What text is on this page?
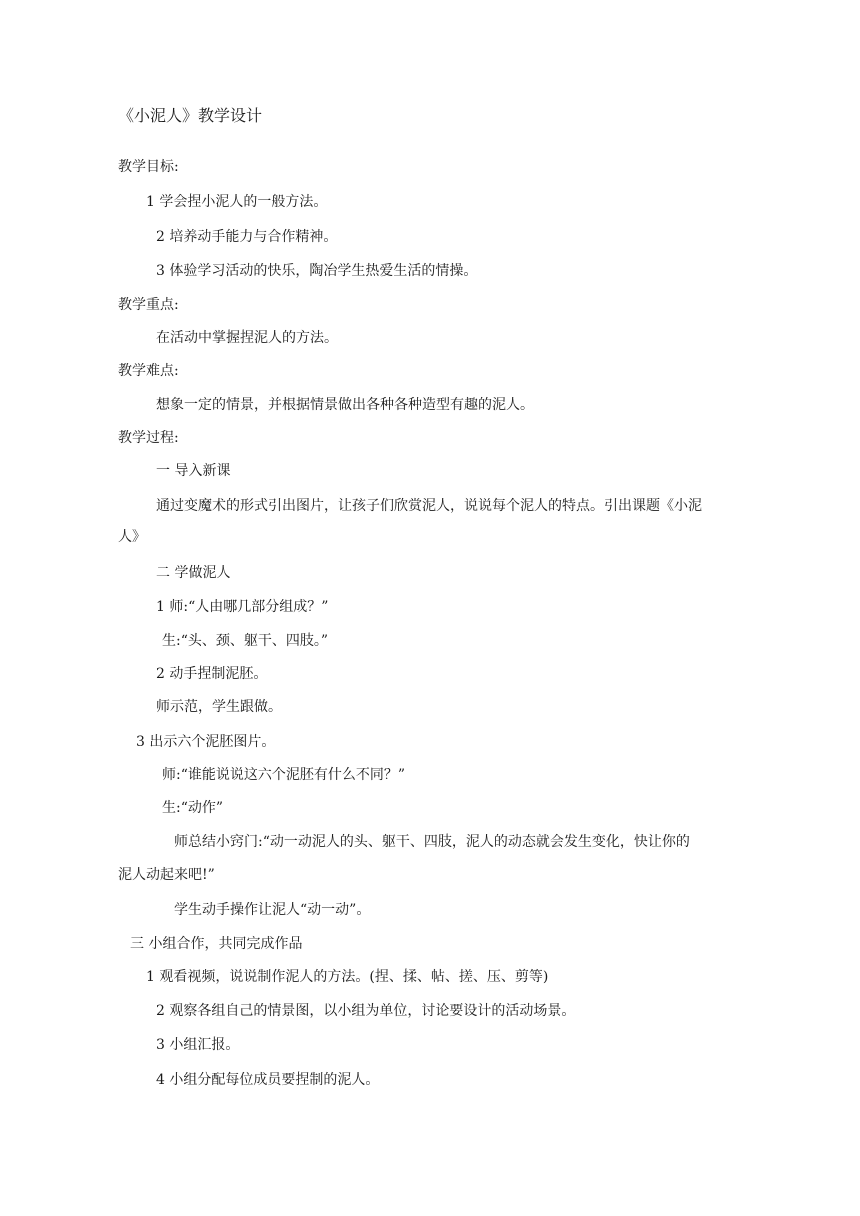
《小泥人》教学设计
教学目标:
1 学会捏小泥人的一般方法。
2 培养动手能力与合作精神。
3 体验学习活动的快乐，陶冶学生热爱生活的情操。
教学重点:
在活动中掌握捏泥人的方法。
教学难点:
想象一定的情景，并根据情景做出各种各种造型有趣的泥人。
教学过程:
一 导入新课
通过变魔术的形式引出图片，让孩子们欣赏泥人，说说每个泥人的特点。引出课题《小泥
人》
二 学做泥人
1 师:“人由哪几部分组成？”
生:“头、颈、躯干、四肢。”
2 动手捏制泥胚。
师示范，学生跟做。
3 出示六个泥胚图片。
师:“谁能说说这六个泥胚有什么不同？”
生:“动作”
师总结小窍门:“动一动泥人的头、躯干、四肢，泥人的动态就会发生变化，快让你的
泥人动起来吧!”
学生动手操作让泥人“动一动”。
三 小组合作，共同完成作品
1 观看视频，说说制作泥人的方法。(捏、揉、帖、搓、压、剪等)
2 观察各组自己的情景图，以小组为单位，讨论要设计的活动场景。
3 小组汇报。
4 小组分配每位成员要捏制的泥人。
